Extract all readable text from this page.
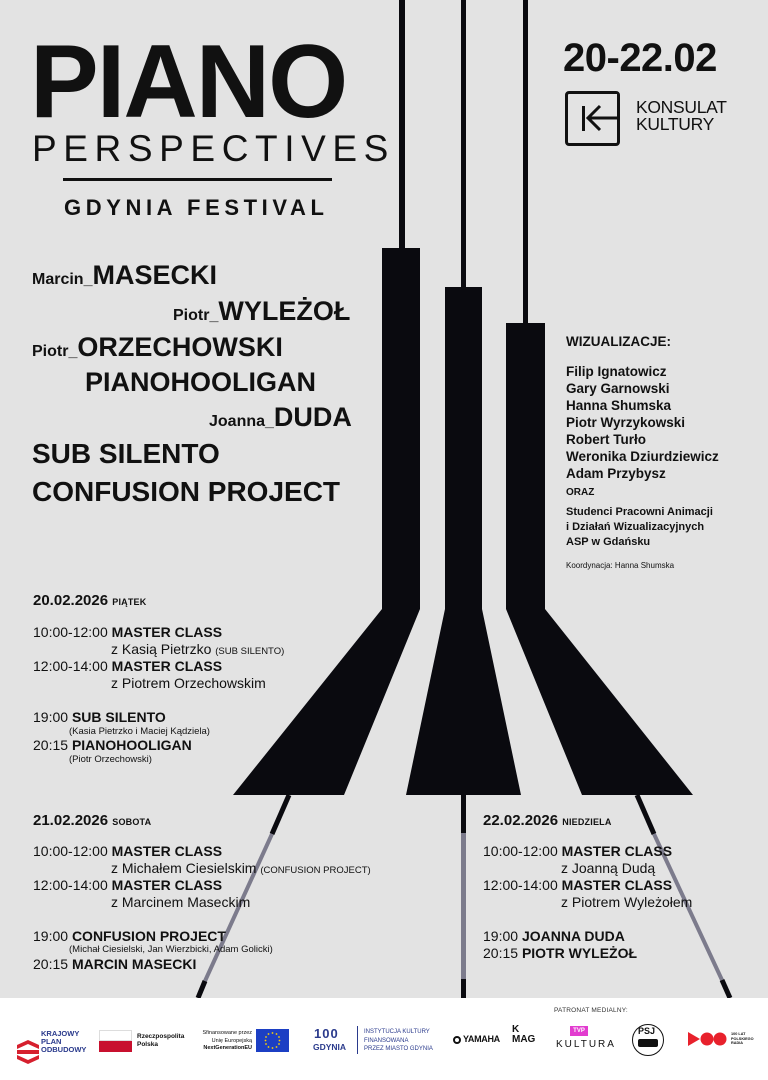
PIANO
PERSPECTIVES
GDYNIA FESTIVAL
20-22.02
KONSULAT
KULTURY
Marcin_MASECKI
Piotr_WYLEŻOŁ
Piotr_ORZECHOWSKI
PIANOHOOLIGAN
Joanna_DUDA
SUB SILENTO
CONFUSION PROJECT
WIZUALIZACJE:
Filip Ignatowicz
Gary Garnowski
Hanna Shumska
Piotr Wyrzykowski
Robert Turło
Weronika Dziurdziewicz
Adam Przybysz
ORAZ
Studenci Pracowni Animacji
i Działań Wizualizacyjnych
ASP w Gdańsku
Koordynacja: Hanna Shumska
20.02.2026 PIĄTEK
10:00-12:00 MASTER CLASS
z Kasią Pietrzko (SUB SILENTO)
12:00-14:00 MASTER CLASS
z Piotrem Orzechowskim
19:00 SUB SILENTO
(Kasia Pietrzko i Maciej Kądziela)
20:15 PIANOHOOLIGAN
(Piotr Orzechowski)
21.02.2026 SOBOTA
10:00-12:00 MASTER CLASS
z Michałem Ciesielskim (CONFUSION PROJECT)
12:00-14:00 MASTER CLASS
z Marcinem Maseckim
19:00 CONFUSION PROJECT
(Michał Ciesielski, Jan Wierzbicki, Adam Golicki)
20:15 MARCIN MASECKI
22.02.2026 NIEDZIELA
10:00-12:00 MASTER CLASS
z Joanną Dudą
12:00-14:00 MASTER CLASS
z Piotrem Wyleżołem
19:00 JOANNA DUDA
20:15 PIOTR WYLEŻOŁ
KRAJOWY
PLAN
ODBUDOWY
Rzeczpospolita
Polska
Sfinansowane przez
Unię Europejską
NextGenerationEU
100
GDYNIA
INSTYTUCJA KULTURY
FINANSOWANA
PRZEZ MIASTO GDYNIA
YAMAHA
K
MAG
PATRONAT MEDIALNY:
TVP
KULTURA
PSJ	100 LAT
POLSKIEGO
RADIA
